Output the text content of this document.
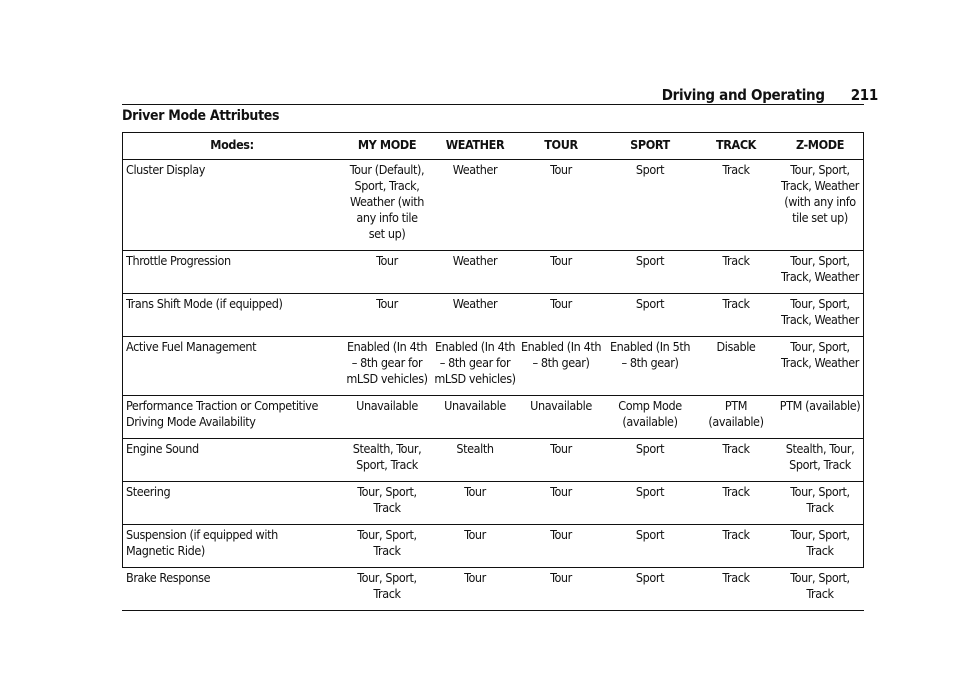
Driving and Operating 211
Driver Mode Attributes
Modes:	MY MODE	WEATHER	TOUR	SPORT	TRACK	Z-MODE

Cluster Display	Tour (Default),
Sport, Track,
Weather (with
any info tile
set up)	Weather	Tour	Sport	Track	Tour, Sport,
Track, Weather
(with any info
tile set up)

Throttle Progression	Tour	Weather	Tour	Sport	Track	Tour, Sport,
Track, Weather

Trans Shift Mode (if equipped)	Tour	Weather	Tour	Sport	Track	Tour, Sport,
Track, Weather

Active Fuel Management	Enabled (In 4th
– 8th gear for
mLSD vehicles)	Enabled (In 4th
– 8th gear for
mLSD vehicles)	Enabled (In 4th
– 8th gear)	Enabled (In 5th
– 8th gear)	Disable	Tour, Sport,
Track, Weather

Performance Traction or Competitive
Driving Mode Availability	Unavailable	Unavailable	Unavailable	Comp Mode
(available)	PTM
(available)	PTM (available)

Engine Sound	Stealth, Tour,
Sport, Track	Stealth	Tour	Sport	Track	Stealth, Tour,
Sport, Track

Steering	Tour, Sport,
Track	Tour	Tour	Sport	Track	Tour, Sport,
Track

Suspension (if equipped with
Magnetic Ride)	Tour, Sport,
Track	Tour	Tour	Sport	Track	Tour, Sport,
Track

Brake Response	Tour, Sport,
Track	Tour	Tour	Sport	Track	Tour, Sport,
Track
